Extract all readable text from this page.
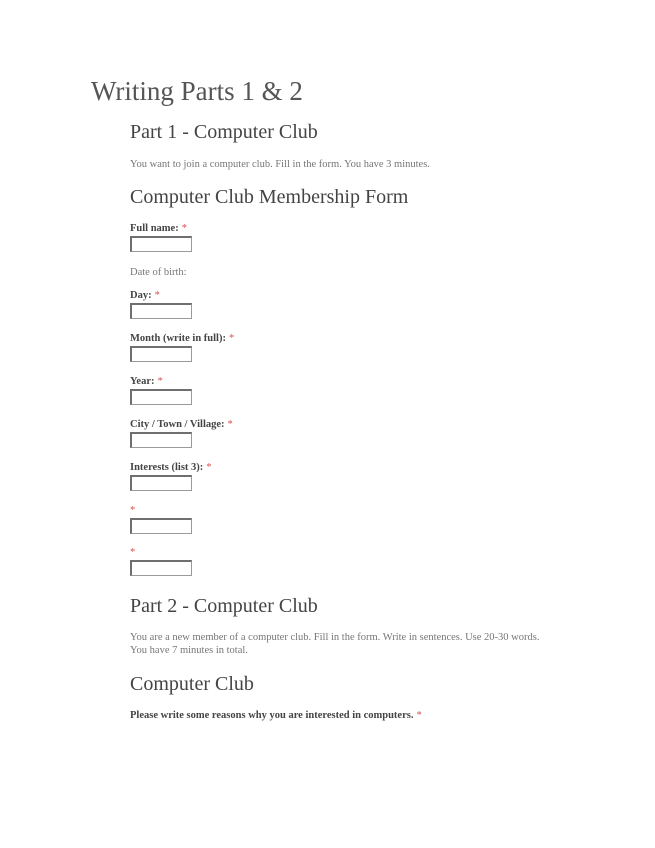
Writing Parts 1 & 2
Part 1 - Computer Club

You want to join a computer club. Fill in the form. You have 3 minutes.

Computer Club Membership Form
Full name: *
Date of birth:
Day: *
Month (write in full): *
Year: *
City / Town / Village: *
Interests (list 3): *
*
*
Part 2 - Computer Club

You are a new member of a computer club. Fill in the form. Write in sentences. Use 20-30 words. You have 7 minutes in total.

Computer Club
Please write some reasons why you are interested in computers. *
